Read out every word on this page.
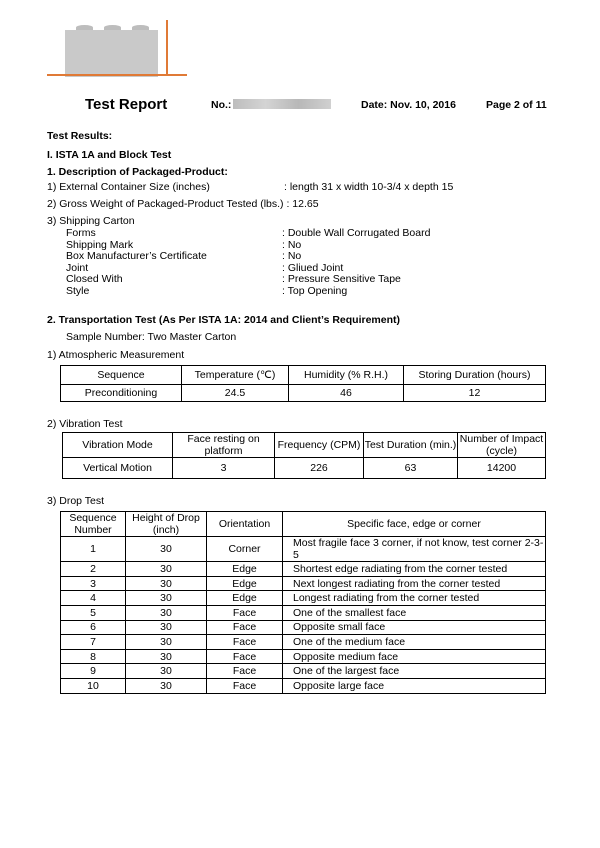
Test Report	No.:	Date: Nov. 10, 2016	Page 2 of 11
Test Results:
I. ISTA 1A and Block Test
1. Description of Packaged-Product:
1) External Container Size (inches)	: length 31 x width 10-3/4 x depth 15
2) Gross Weight of Packaged-Product Tested (lbs.) : 12.65
3) Shipping Carton
Forms	: Double Wall Corrugated Board
Shipping Mark	: No
Box Manufacturer’s Certificate	: No
Joint	: Gliued Joint
Closed With	: Pressure Sensitive Tape
Style	: Top Opening
2. Transportation Test (As Per ISTA 1A: 2014 and Client’s Requirement)
Sample Number: Two Master Carton
1) Atmospheric Measurement
Sequence	Temperature (℃)	Humidity (% R.H.)	Storing Duration (hours)
Preconditioning	24.5	46	12
2) Vibration Test
Vibration Mode	Face resting on platform	Frequency (CPM)	Test Duration (min.)	Number of Impact (cycle)
Vertical Motion	3	226	63	14200
3) Drop Test
Sequence Number	Height of Drop (inch)	Orientation	Specific face, edge or corner
1	30	Corner	Most fragile face 3 corner, if not know, test corner 2-3-5
2	30	Edge	Shortest edge radiating from the corner tested
3	30	Edge	Next longest radiating from the corner tested
4	30	Edge	Longest radiating from the corner tested
5	30	Face	One of the smallest face
6	30	Face	Opposite small face
7	30	Face	One of the medium face
8	30	Face	Opposite medium face
9	30	Face	One of the largest face
10	30	Face	Opposite large face
